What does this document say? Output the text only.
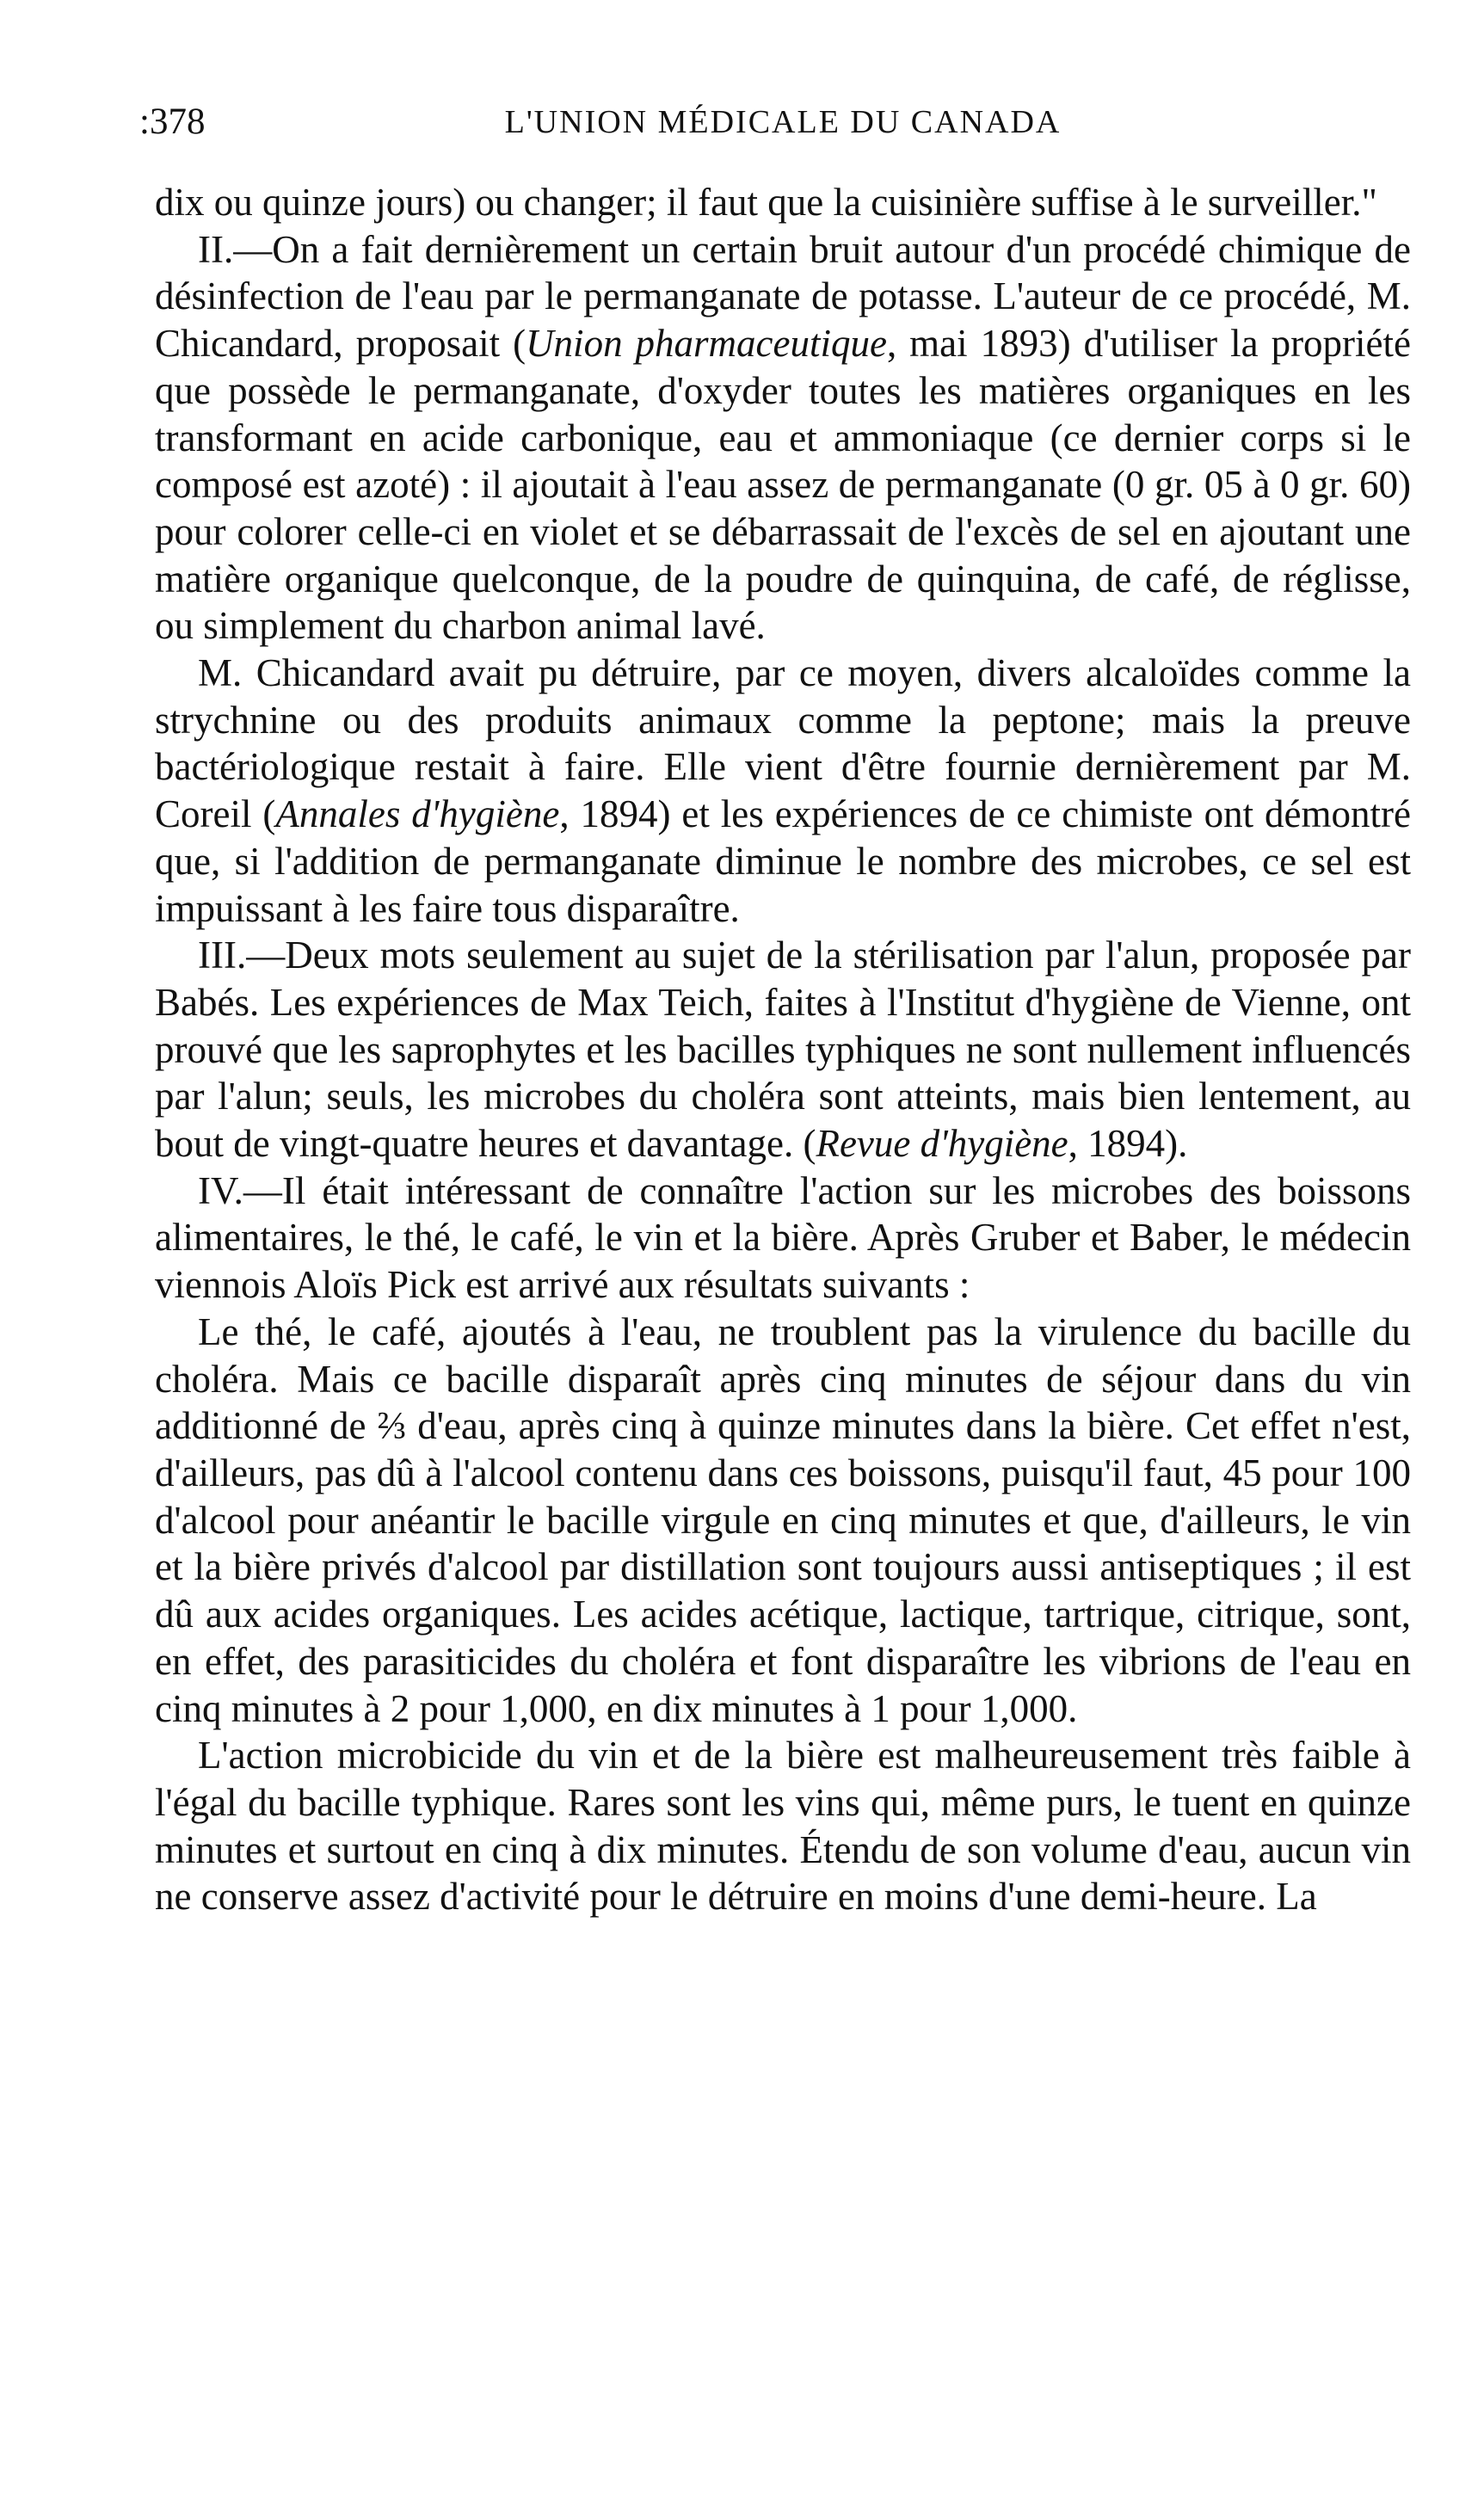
:378	L'UNION MÉDICALE DU CANADA

dix ou quinze jours) ou changer; il faut que la cuisinière suffise à le surveiller."

II.—On a fait dernièrement un certain bruit autour d'un procédé chimique de désinfection de l'eau par le permanganate de potasse. L'auteur de ce procédé, M. Chicandard, proposait (Union pharmaceutique, mai 1893) d'utiliser la propriété que possède le permanganate, d'oxyder toutes les matières organiques en les transformant en acide carbonique, eau et ammoniaque (ce dernier corps si le composé est azoté) : il ajoutait à l'eau assez de permanganate (0 gr. 05 à 0 gr. 60) pour colorer celle-ci en violet et se débarrassait de l'excès de sel en ajoutant une matière organique quelconque, de la poudre de quinquina, de café, de réglisse, ou simplement du charbon animal lavé.

M. Chicandard avait pu détruire, par ce moyen, divers alcaloïdes comme la strychnine ou des produits animaux comme la peptone; mais la preuve bactériologique restait à faire. Elle vient d'être fournie dernièrement par M. Coreil (Annales d'hygiène, 1894) et les expériences de ce chimiste ont démontré que, si l'addition de permanganate diminue le nombre des microbes, ce sel est impuissant à les faire tous disparaître.

III.—Deux mots seulement au sujet de la stérilisation par l'alun, proposée par Babés. Les expériences de Max Teich, faites à l'Institut d'hygiène de Vienne, ont prouvé que les saprophytes et les bacilles typhiques ne sont nullement influencés par l'alun; seuls, les microbes du choléra sont atteints, mais bien lentement, au bout de vingt-quatre heures et davantage. (Revue d'hygiène, 1894).

IV.—Il était intéressant de connaître l'action sur les microbes des boissons alimentaires, le thé, le café, le vin et la bière. Après Gruber et Baber, le médecin viennois Aloïs Pick est arrivé aux résultats suivants :

Le thé, le café, ajoutés à l'eau, ne troublent pas la virulence du bacille du choléra. Mais ce bacille disparaît après cinq minutes de séjour dans du vin additionné de ⅔ d'eau, après cinq à quinze minutes dans la bière. Cet effet n'est, d'ailleurs, pas dû à l'alcool contenu dans ces boissons, puisqu'il faut, 45 pour 100 d'alcool pour anéantir le bacille virgule en cinq minutes et que, d'ailleurs, le vin et la bière privés d'alcool par distillation sont toujours aussi antiseptiques ; il est dû aux acides organiques. Les acides acétique, lactique, tartrique, citrique, sont, en effet, des parasiticides du choléra et font disparaître les vibrions de l'eau en cinq minutes à 2 pour 1,000, en dix minutes à 1 pour 1,000.

L'action microbicide du vin et de la bière est malheureusement très faible à l'égal du bacille typhique. Rares sont les vins qui, même purs, le tuent en quinze minutes et surtout en cinq à dix minutes. Étendu de son volume d'eau, aucun vin ne conserve assez d'activité pour le détruire en moins d'une demi-heure. La
